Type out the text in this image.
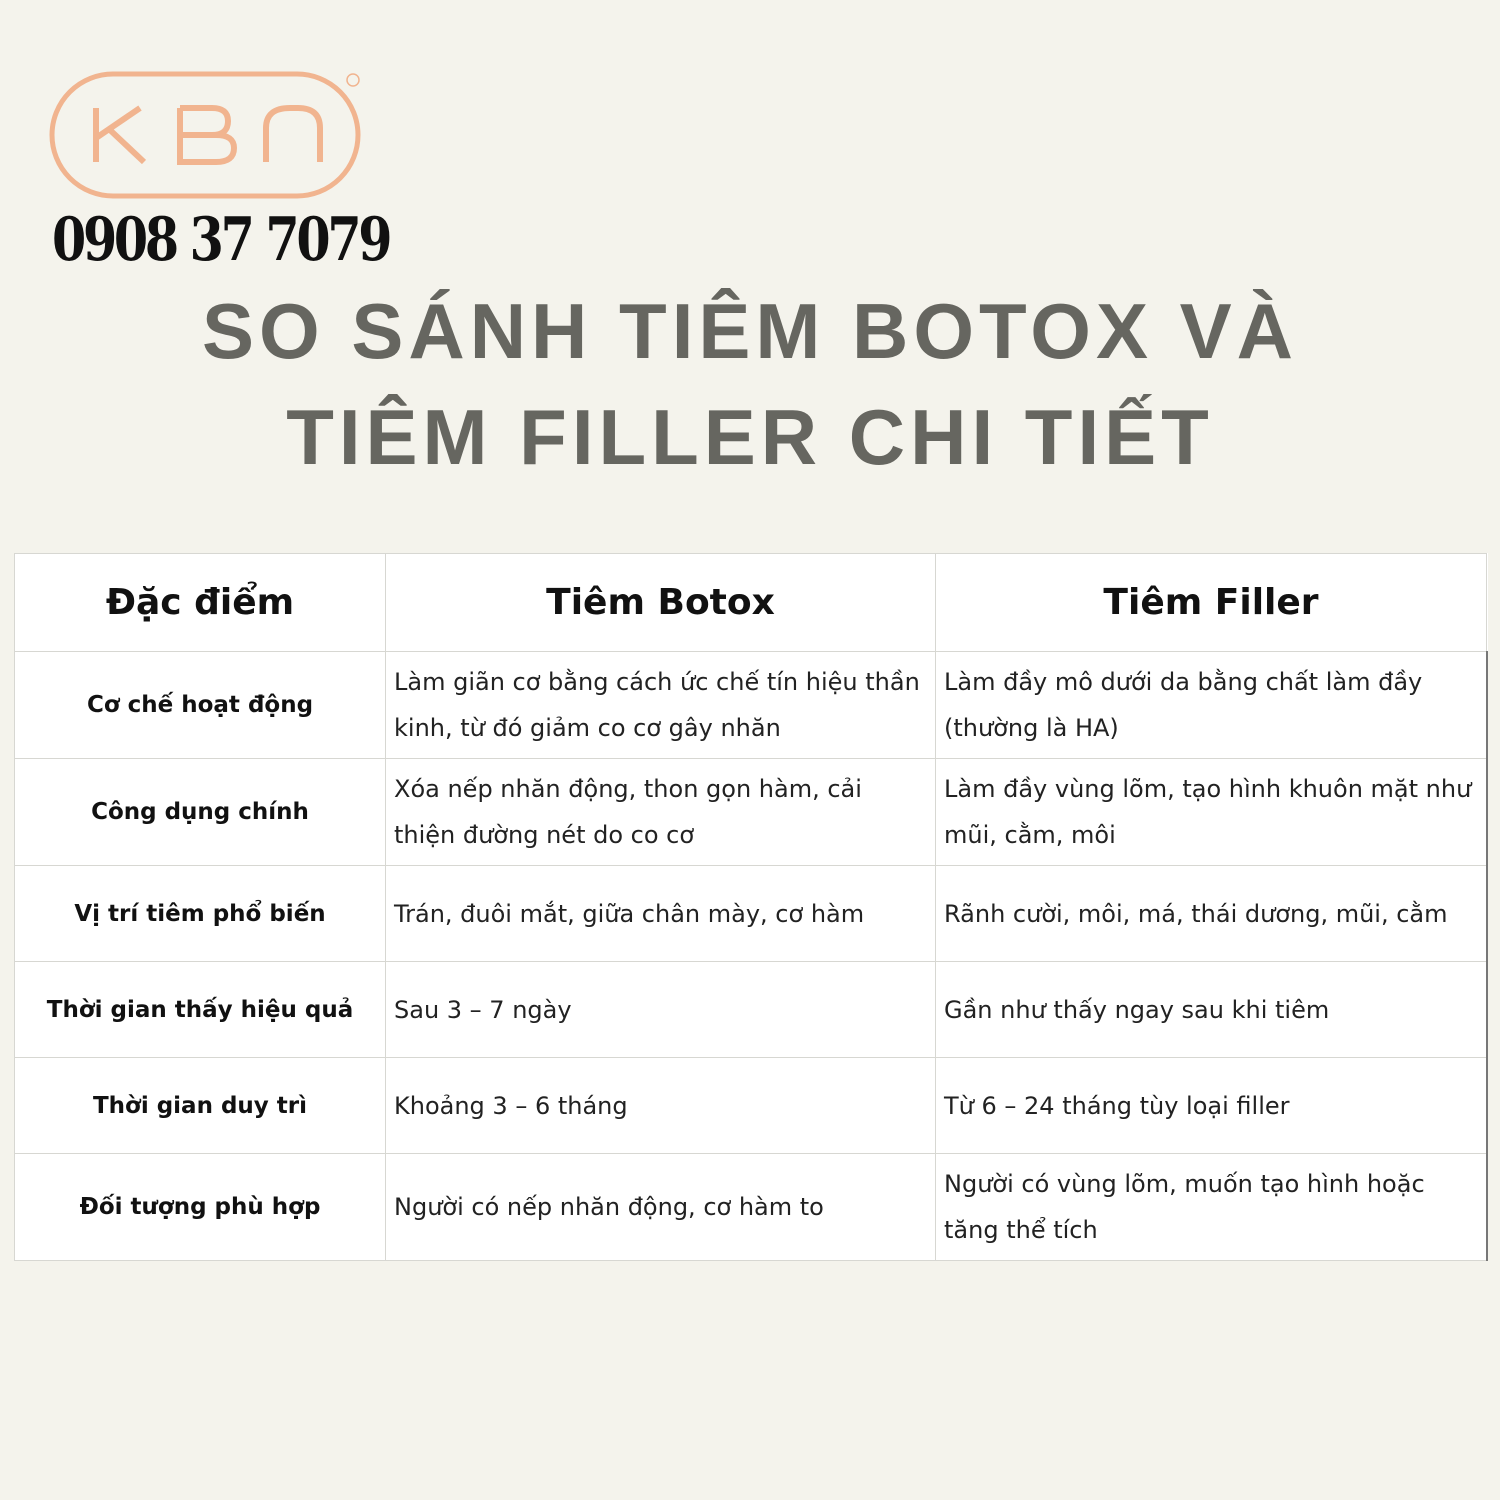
0908 37 7079
SO SÁNH TIÊM BOTOX VÀ
TIÊM FILLER CHI TIẾT
Đặc điểm	Tiêm Botox	Tiêm Filler
Cơ chế hoạt động	Làm giãn cơ bằng cách ức chế tín hiệu thần kinh, từ đó giảm co cơ gây nhăn	Làm đầy mô dưới da bằng chất làm đầy (thường là HA)
Công dụng chính	Xóa nếp nhăn động, thon gọn hàm, cải thiện đường nét do co cơ	Làm đầy vùng lõm, tạo hình khuôn mặt như mũi, cằm, môi
Vị trí tiêm phổ biến	Trán, đuôi mắt, giữa chân mày, cơ hàm	Rãnh cười, môi, má, thái dương, mũi, cằm
Thời gian thấy hiệu quả	Sau 3 – 7 ngày	Gần như thấy ngay sau khi tiêm
Thời gian duy trì	Khoảng 3 – 6 tháng	Từ 6 – 24 tháng tùy loại filler
Đối tượng phù hợp	Người có nếp nhăn động, cơ hàm to	Người có vùng lõm, muốn tạo hình hoặc tăng thể tích
